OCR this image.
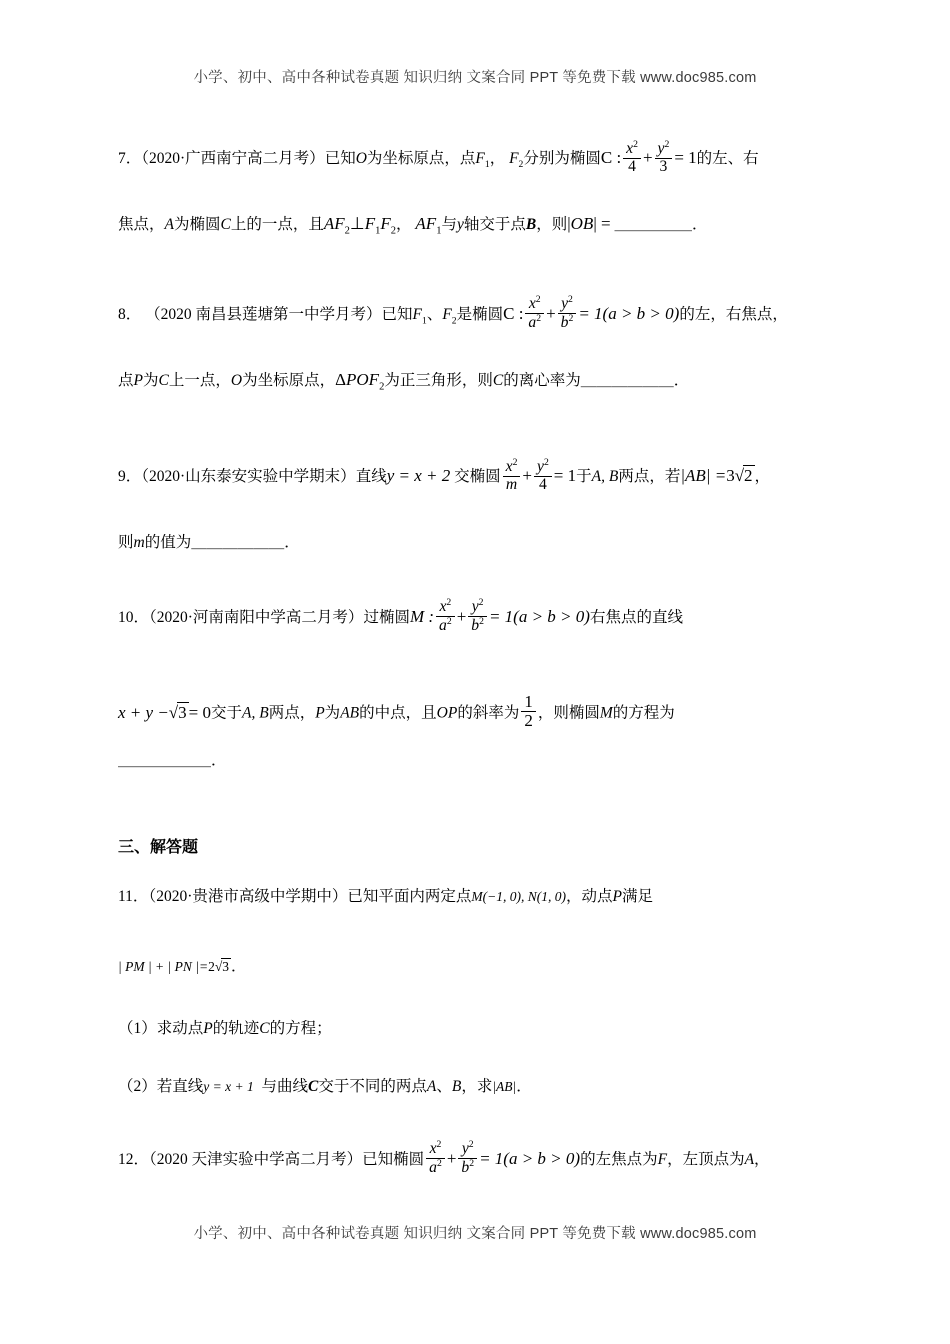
小学、初中、高中各种试卷真题 知识归纳 文案合同 PPT 等免费下载 www.doc985.com
7．（2020·广西南宁高二月考）已知O为坐标原点，点$F_1$， $F_2$分别为椭圆C : $\frac{x^2}{4} + \frac{y^2}{3} = 1$的左、右
焦点，A为椭圆C上的一点，且$AF_2\perp F_1F_2$， $AF_1$与y轴交于点B，则|OB| = ＿＿＿＿＿．
8． （2020 南昌县莲塘第一中学月考）已知$F_1$、$F_2$是椭圆C : $\frac{x^2}{a^2} + \frac{y^2}{b^2} = 1(a > b > 0)$的左，右焦点，
点P为C上一点，O为坐标原点，$\Delta POF_2$为正三角形，则C的离心率为＿＿＿＿＿＿．
9．（2020·山东泰安实验中学期末）直线y = x + 2 交椭圆 $\frac{x^2}{m} + \frac{y^2}{4} = 1$于A, B两点，若|AB| =3√2 ，
则m的值为＿＿＿＿＿＿．
10．（2020·河南南阳中学高二月考）过椭圆M : $\frac{x^2}{a^2} + \frac{y^2}{b^2} = 1(a > b > 0)$右焦点的直线
x + y −√3 = 0交于A, B两点，P为AB的中点，且OP的斜率为 $\frac{1}{2}$ ，则椭圆M的方程为
＿＿＿＿＿＿．
三、解答题
11．（2020·贵港市高级中学期中）已知平面内两定点M(−1, 0), N(1, 0)，动点P满足
| PM | + | PN |=2√3 ．
（1）求动点P的轨迹C的方程；
（2）若直线y = x + 1 与曲线C交于不同的两点A、B，求|AB|．
12．（2020 天津实验中学高二月考）已知椭圆 $\frac{x^2}{a^2} + \frac{y^2}{b^2} = 1(a > b > 0)$的左焦点为F，左顶点为A，
小学、初中、高中各种试卷真题 知识归纳 文案合同 PPT 等免费下载 www.doc985.com
